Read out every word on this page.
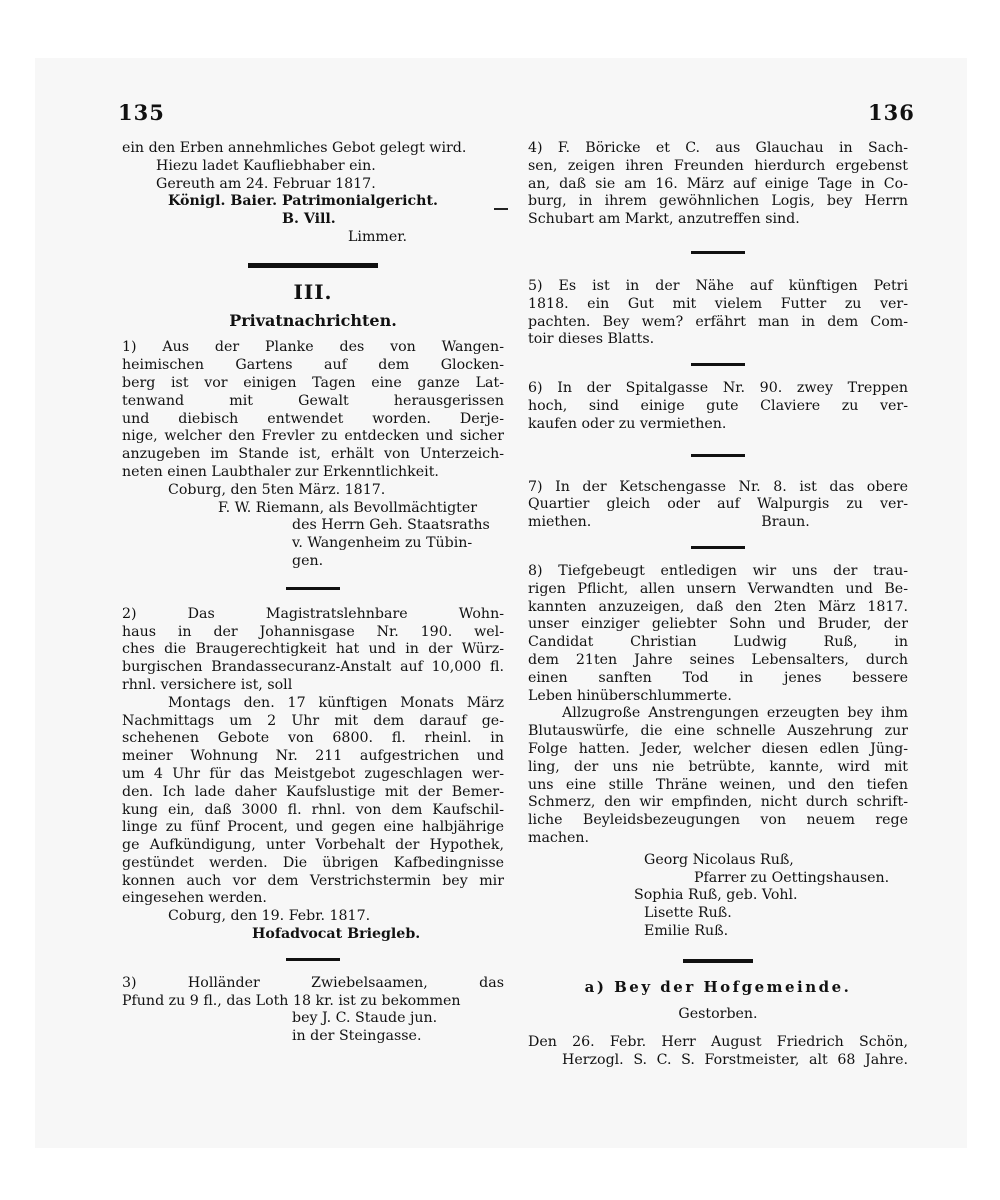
135	136
ein den Erben annehmliches Gebot gelegt wird.
Hiezu ladet Kaufliebhaber ein.
Gereuth am 24. Februar 1817.
Königl. Baier. Patrimonialgericht.
B. Vill.
Limmer.
III.
Privatnachrichten.
1) Aus der Planke des von Wangen-
heimischen Gartens auf dem Glocken-
berg ist vor einigen Tagen eine ganze Lat-
tenwand mit Gewalt herausgerissen
und diebisch entwendet worden. Derje-
nige, welcher den Frevler zu entdecken und sicher
anzugeben im Stande ist, erhält von Unterzeich-
neten einen Laubthaler zur Erkenntlichkeit.
Coburg, den 5ten März. 1817.
F. W. Riemann, als Bevollmächtigter
des Herrn Geh. Staatsraths
v. Wangenheim zu Tübin-
gen.
2) Das Magistratslehnbare Wohn-
haus in der Johannisgase Nr. 190. wel-
ches die Braugerechtigkeit hat und in der Würz-
burgischen Brandassecuranz-Anstalt auf 10,000 fl.
rhnl. versichere ist, soll
Montags den. 17 künftigen Monats März
Nachmittags um 2 Uhr mit dem darauf ge-
schehenen Gebote von 6800. fl. rheinl. in
meiner Wohnung Nr. 211 aufgestrichen und
um 4 Uhr für das Meistgebot zugeschlagen wer-
den. Ich lade daher Kaufslustige mit der Bemer-
kung ein, daß 3000 fl. rhnl. von dem Kaufschil-
linge zu fünf Procent, und gegen eine halbjährige
ge Aufkündigung, unter Vorbehalt der Hypothek,
gestündet werden. Die übrigen Kafbedingnisse
konnen auch vor dem Verstrichstermin bey mir
eingesehen werden.
Coburg, den 19. Febr. 1817.
Hofadvocat Briegleb.
3) Holländer Zwiebelsaamen, das
Pfund zu 9 fl., das Loth 18 kr. ist zu bekommen
bey J. C. Staude jun.
in der Steingasse.
4) F. Böricke et C. aus Glauchau in Sach-
sen, zeigen ihren Freunden hierdurch ergebenst
an, daß sie am 16. März auf einige Tage in Co-
burg, in ihrem gewöhnlichen Logis, bey Herrn
Schubart am Markt, anzutreffen sind.
5) Es ist in der Nähe auf künftigen Petri
1818. ein Gut mit vielem Futter zu ver-
pachten. Bey wem? erfährt man in dem Com-
toir dieses Blatts.
6) In der Spitalgasse Nr. 90. zwey Treppen
hoch, sind einige gute Claviere zu ver-
kaufen oder zu vermiethen.
7) In der Ketschengasse Nr. 8. ist das obere
Quartier gleich oder auf Walpurgis zu ver-
miethen.	Braun.
8) Tiefgebeugt entledigen wir uns der trau-
rigen Pflicht, allen unsern Verwandten und Be-
kannten anzuzeigen, daß den 2ten März 1817.
unser einziger geliebter Sohn und Bruder, der
Candidat Christian Ludwig Ruß, in
dem 21ten Jahre seines Lebensalters, durch
einen sanften Tod in jenes bessere
Leben hinüberschlummerte.
Allzugroße Anstrengungen erzeugten bey ihm
Blutauswürfe, die eine schnelle Auszehrung zur
Folge hatten. Jeder, welcher diesen edlen Jüng-
ling, der uns nie betrübte, kannte, wird mit
uns eine stille Thräne weinen, und den tiefen
Schmerz, den wir empfinden, nicht durch schrift-
liche Beyleidsbezeugungen von neuem rege
machen.
Georg Nicolaus Ruß,
Pfarrer zu Oettingshausen.
Sophia Ruß, geb. Vohl.
Lisette Ruß.
Emilie Ruß.
a) Bey der Hofgemeinde.
Gestorben.
Den 26. Febr. Herr August Friedrich Schön,
Herzogl. S. C. S. Forstmeister, alt 68 Jahre.
